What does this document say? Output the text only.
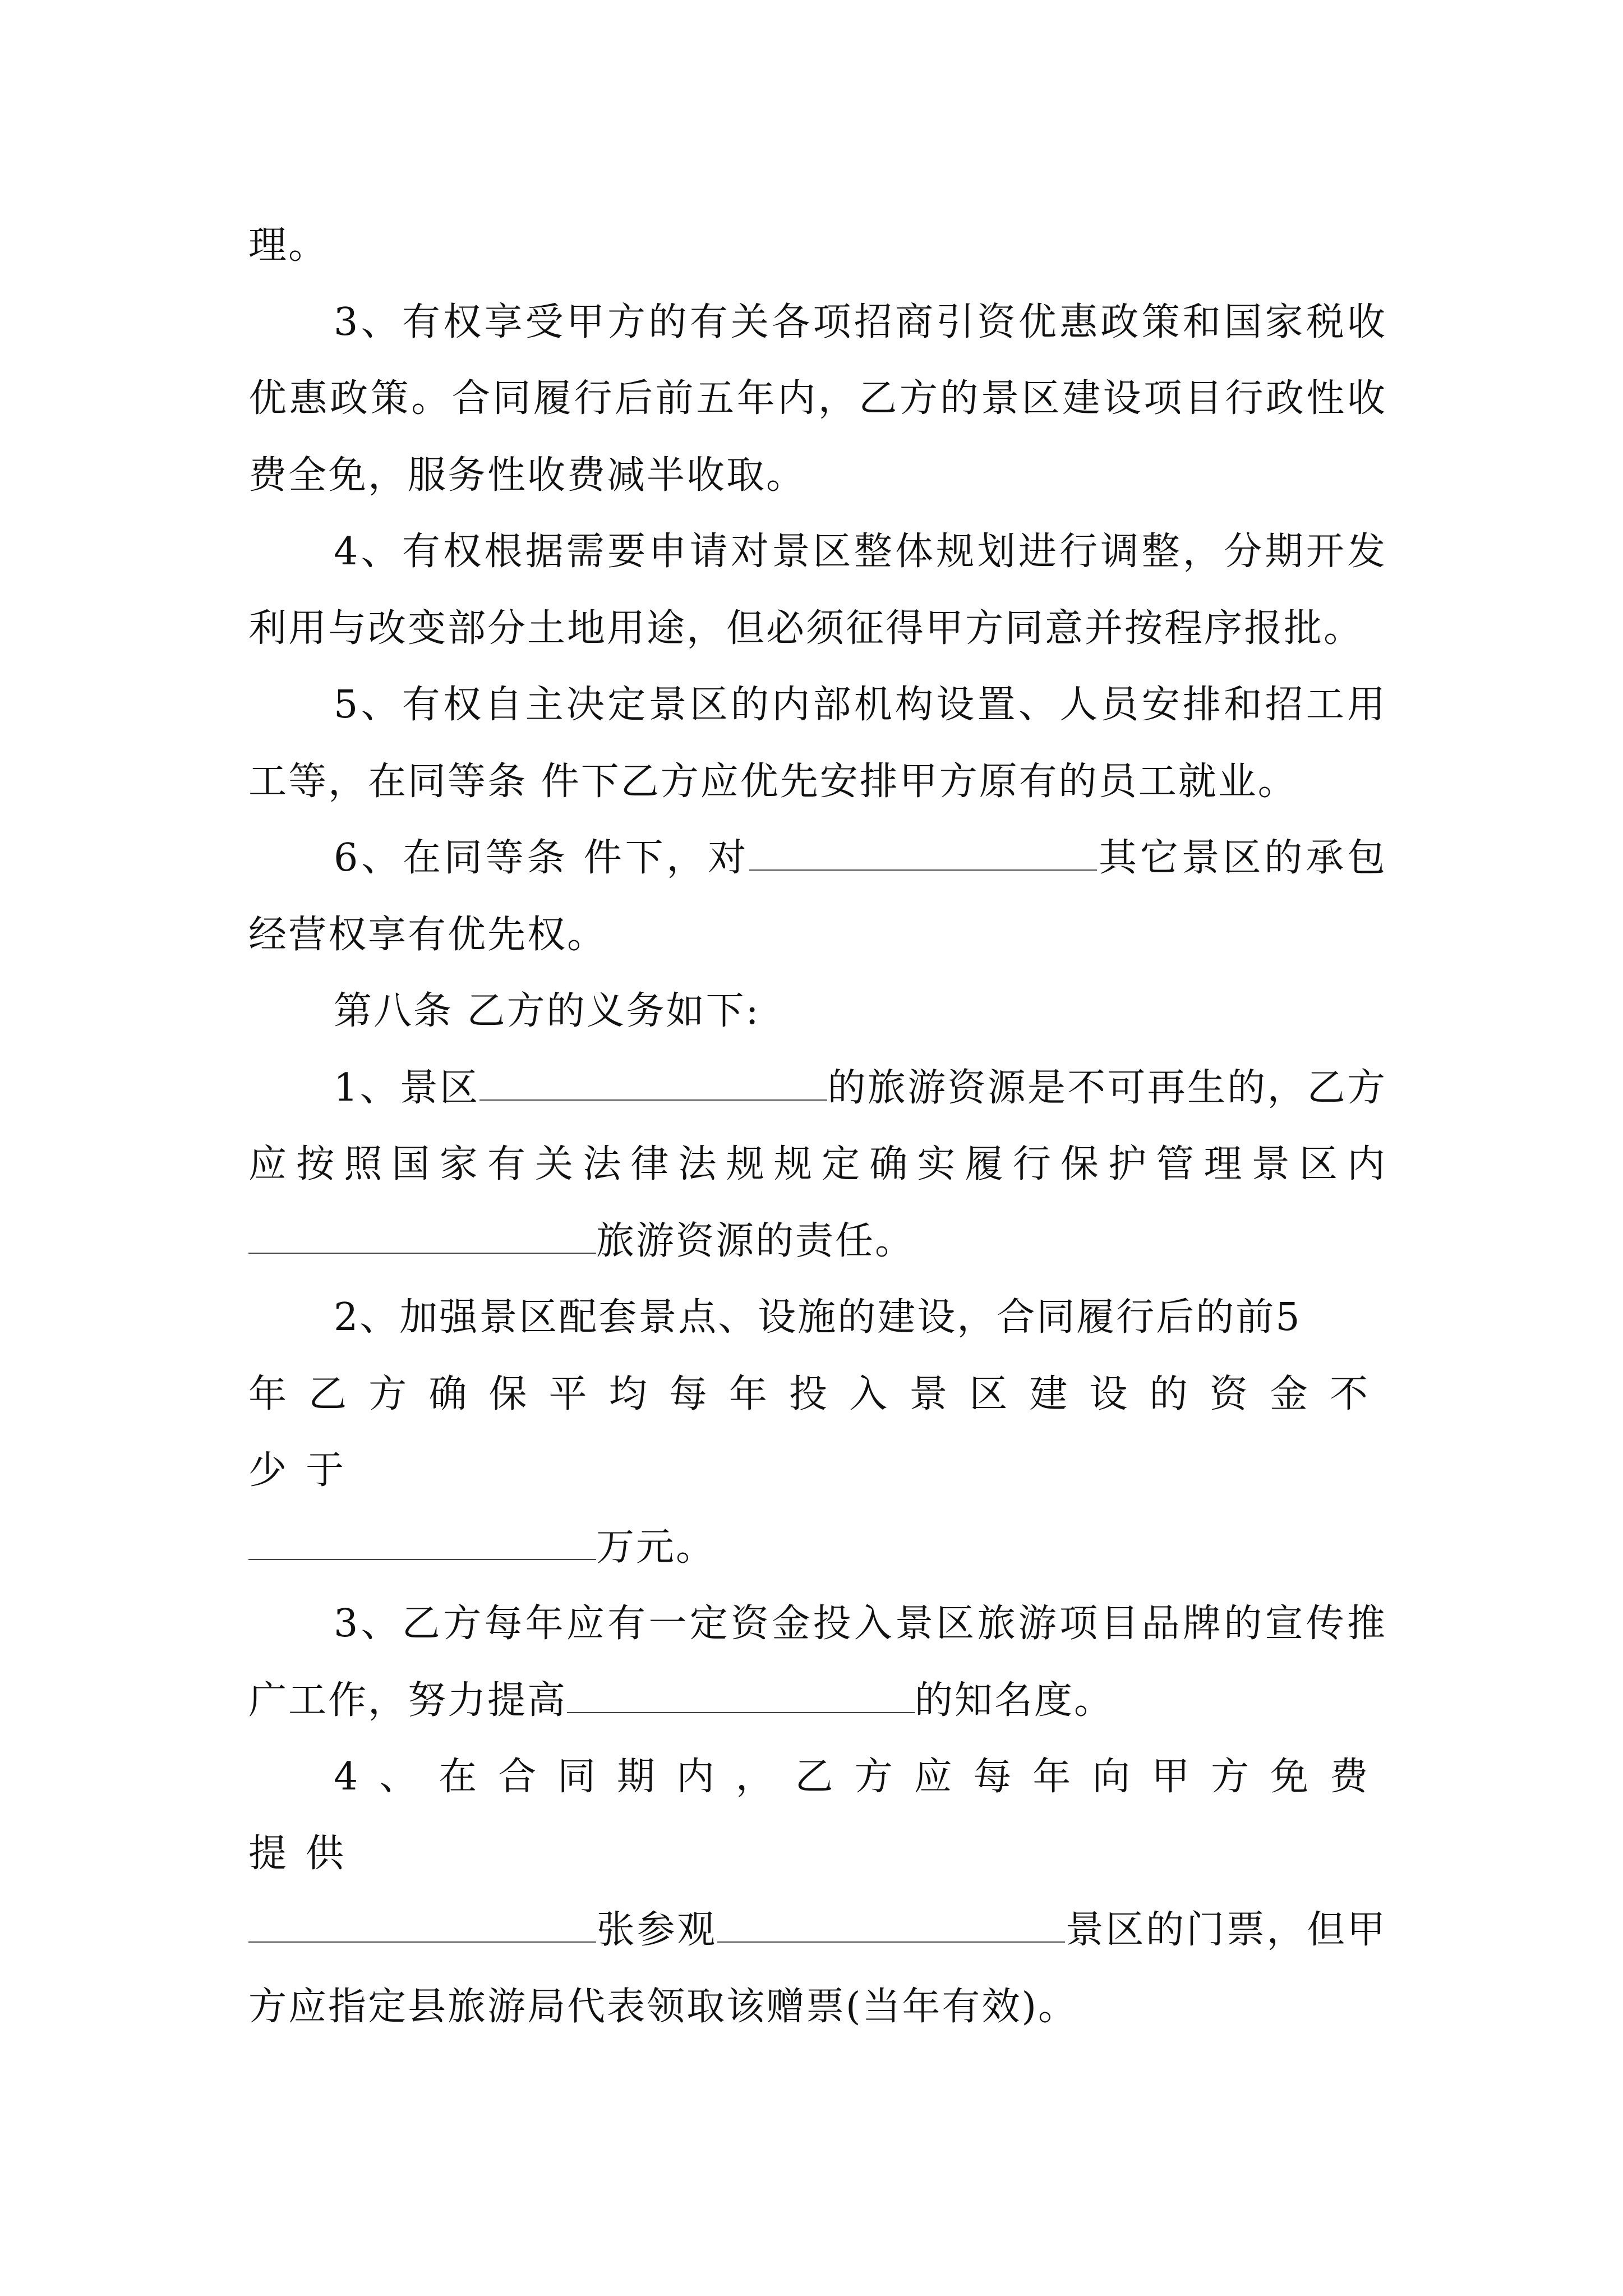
理。

3、有权享受甲方的有关各项招商引资优惠政策和国家税收优惠政策。合同履行后前五年内，乙方的景区建设项目行政性收费全免，服务性收费减半收取。

4、有权根据需要申请对景区整体规划进行调整，分期开发利用与改变部分土地用途，但必须征得甲方同意并按程序报批。

5、有权自主决定景区的内部机构设置、人员安排和招工用工等，在同等条 件下乙方应优先安排甲方原有的员工就业。

6、在同等条 件下，对	其它景区的承包经营权享有优先权。

第八条 乙方的义务如下:

1、景区	的旅游资源是不可再生的，乙方应按照国家有关法律法规规定确实履行保护管理景区内旅游资源的责任。

2、加强景区配套景点、设施的建设，合同履行后的前5
年乙方确保平均每年投入景区建设的资金不少于
万元。

3、乙方每年应有一定资金投入景区旅游项目品牌的宣传推广工作，努力提高	的知名度。

4、在合同期内，乙方应每年向甲方免费提供
张参观	景区的门票，但甲方应指定县旅游局代表领取该赠票(当年有效)。
